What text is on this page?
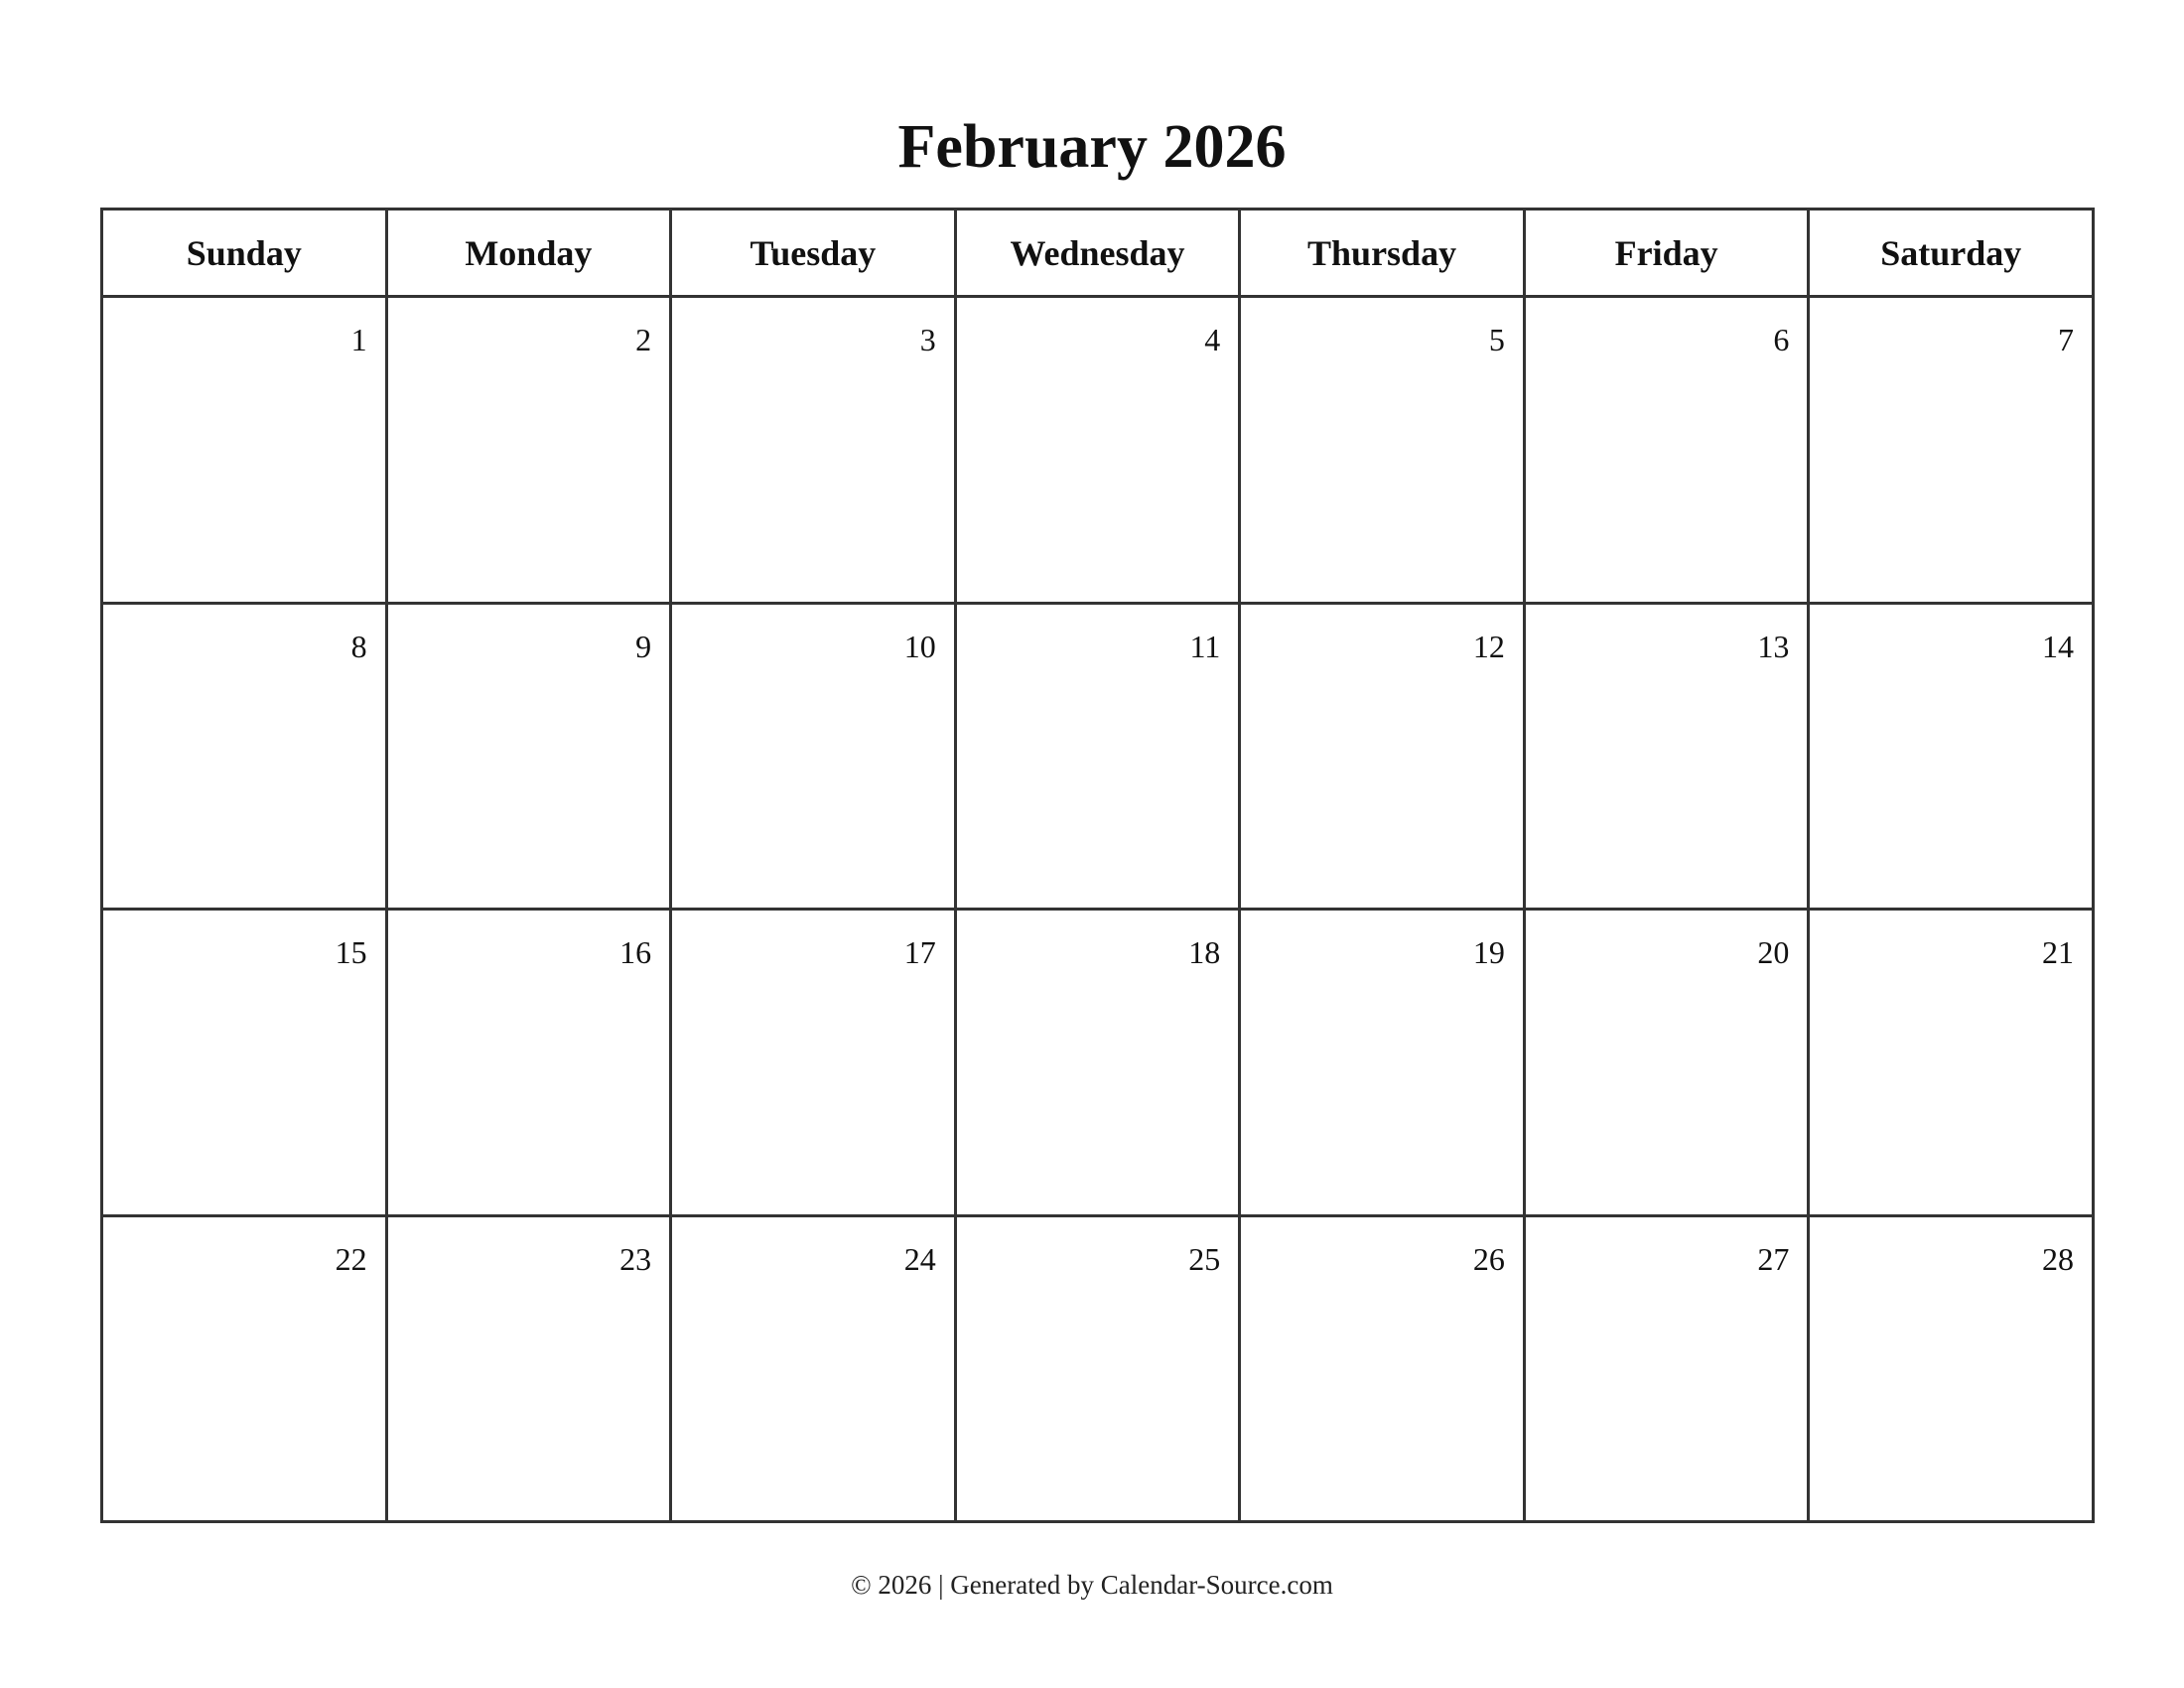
February 2026
Sunday	Monday	Tuesday	Wednesday	Thursday	Friday	Saturday
1	2	3	4	5	6	7
8	9	10	11	12	13	14
15	16	17	18	19	20	21
22	23	24	25	26	27	28
© 2026 | Generated by Calendar-Source.com
